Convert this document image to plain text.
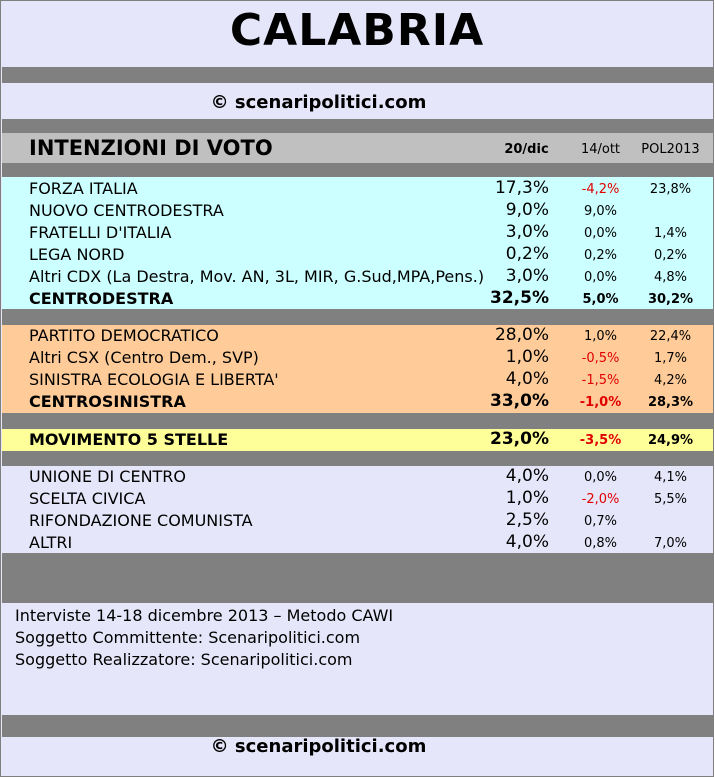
CALABRIA
© scenaripolitici.com
INTENZIONI DI VOTO	20/dic	14/ott	POL2013
FORZA ITALIA	17,3%	-4,2%	23,8%
NUOVO CENTRODESTRA	9,0%	9,0%
FRATELLI D'ITALIA	3,0%	0,0%	1,4%
LEGA NORD	0,2%	0,2%	0,2%
Altri CDX (La Destra, Mov. AN, 3L, MIR, G.Sud,MPA,Pens.) 3,0%	0,0%	4,8%
CENTRODESTRA	32,5%	5,0%	30,2%
PARTITO DEMOCRATICO	28,0%	1,0%	22,4%
Altri CSX (Centro Dem., SVP)	1,0%	-0,5%	1,7%
SINISTRA ECOLOGIA E LIBERTA'	4,0%	-1,5%	4,2%
CENTROSINISTRA	33,0%	-1,0%	28,3%
MOVIMENTO 5 STELLE	23,0%	-3,5%	24,9%
UNIONE DI CENTRO	4,0%	0,0%	4,1%
SCELTA CIVICA	1,0%	-2,0%	5,5%
RIFONDAZIONE COMUNISTA	2,5%	0,7%
ALTRI	4,0%	0,8%	7,0%
Interviste 14-18 dicembre 2013 – Metodo CAWI
Soggetto Committente: Scenaripolitici.com
Soggetto Realizzatore: Scenaripolitici.com
© scenaripolitici.com
